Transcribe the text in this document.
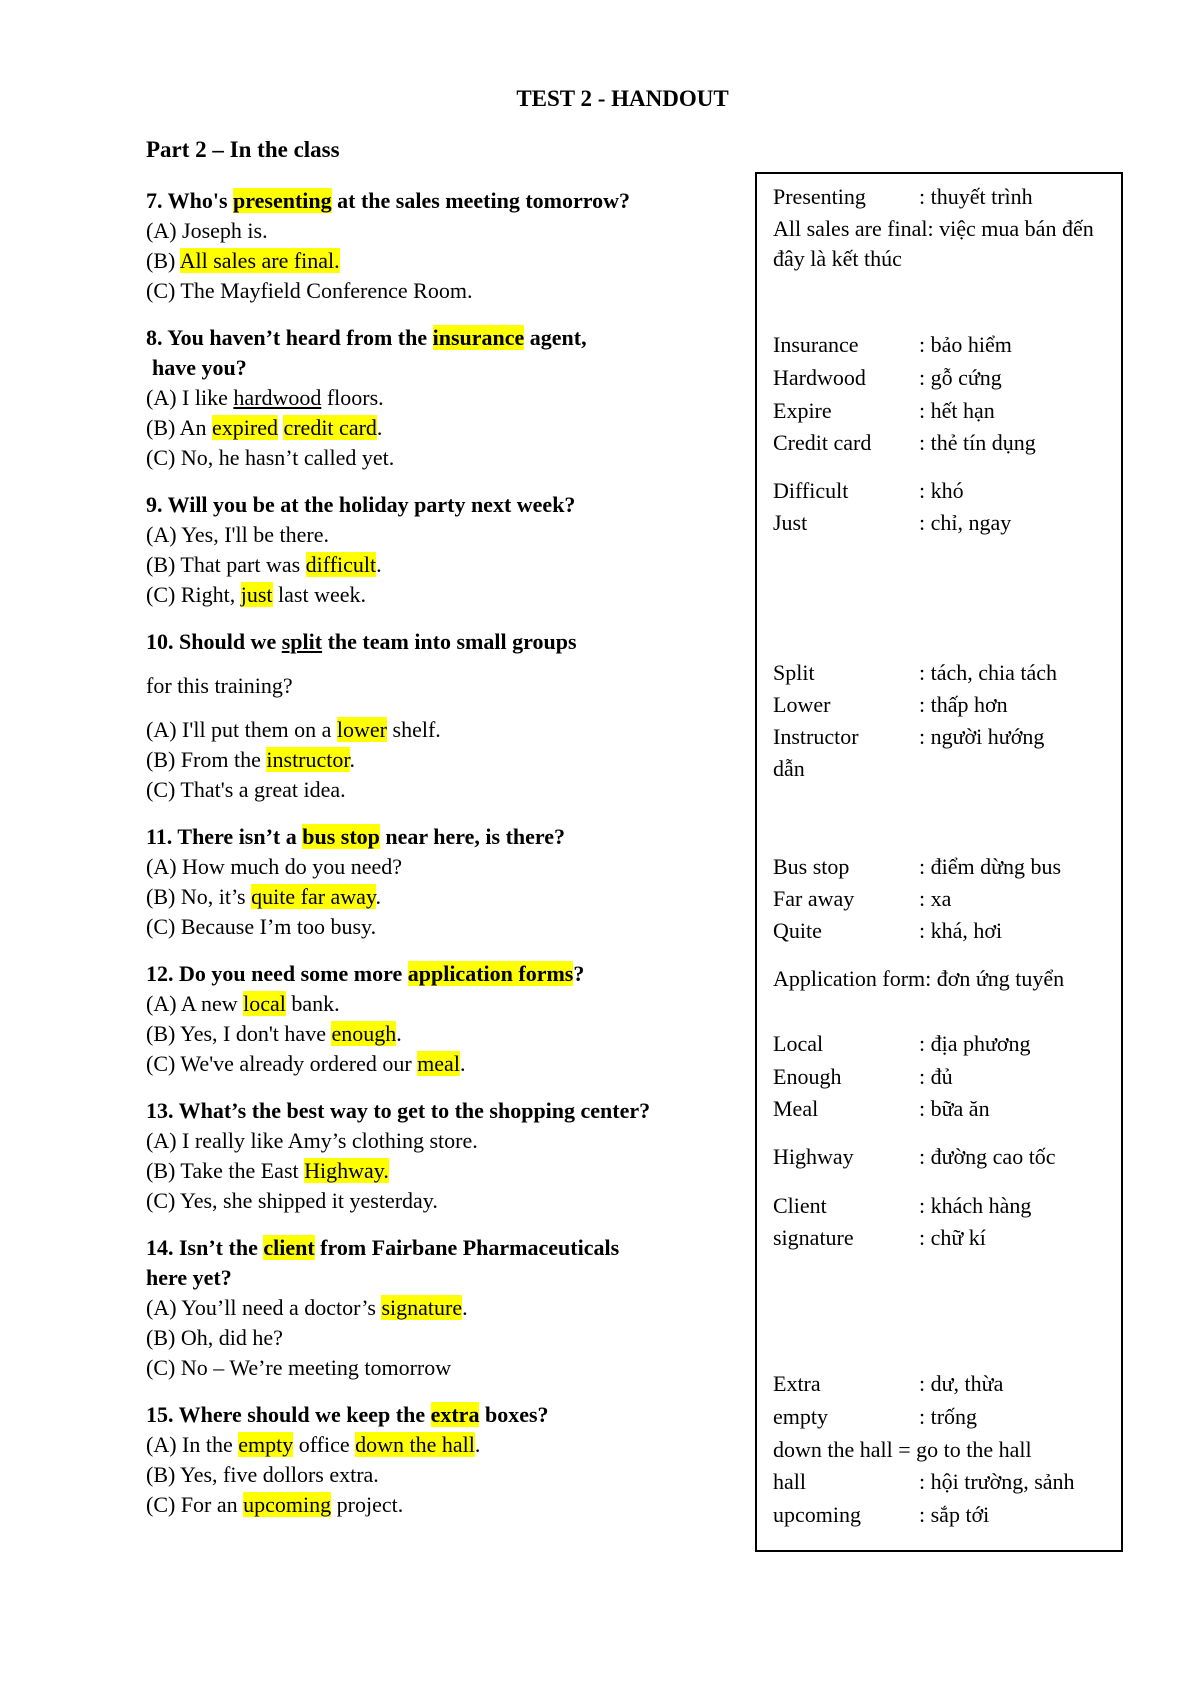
TEST 2 - HANDOUT
Part 2 – In the class
7. Who's presenting at the sales meeting tomorrow?
(A) Joseph is.
(B) All sales are final.
(C) The Mayfield Conference Room.
8. You haven’t heard from the insurance agent,
have you?
(A) I like hardwood floors.
(B) An expired credit card.
(C) No, he hasn’t called yet.
9. Will you be at the holiday party next week?
(A) Yes, I'll be there.
(B) That part was difficult.
(C) Right, just last week.
10. Should we split the team into small groups
for this training?
(A) I'll put them on a lower shelf.
(B) From the instructor.
(C) That's a great idea.
11. There isn’t a bus stop near here, is there?
(A) How much do you need?
(B) No, it’s quite far away.
(C) Because I’m too busy.
12. Do you need some more application forms?
(A) A new local bank.
(B) Yes, I don't have enough.
(C) We've already ordered our meal.
13. What’s the best way to get to the shopping center?
(A) I really like Amy’s clothing store.
(B) Take the East Highway.
(C) Yes, she shipped it yesterday.
14. Isn’t the client from Fairbane Pharmaceuticals
here yet?
(A) You’ll need a doctor’s signature.
(B) Oh, did he?
(C) No – We’re meeting tomorrow
15. Where should we keep the extra boxes?
(A) In the empty office down the hall.
(B) Yes, five dollors extra.
(C) For an upcoming project.
Presenting : thuyết trình
All sales are final: việc mua bán đến đây là kết thúc
Insurance	: bảo hiểm
Hardwood : gỗ cứng
Expire	: hết hạn
Credit card : thẻ tín dụng
Difficult	: khó
Just	: chỉ, ngay
Split	: tách, chia tách
Lower	: thấp hơn
Instructor	: người hướng
dẫn
Bus stop	: điểm dừng bus
Far away	: xa
Quite	: khá, hơi
Application form: đơn ứng tuyển
Local	: địa phương
Enough	: đủ
Meal	: bữa ăn
Highway	: đường cao tốc
Client	: khách hàng
signature	: chữ kí
Extra	: dư, thừa
empty	: trống
down the hall = go to the hall
hall	: hội trường, sảnh
upcoming	: sắp tới
